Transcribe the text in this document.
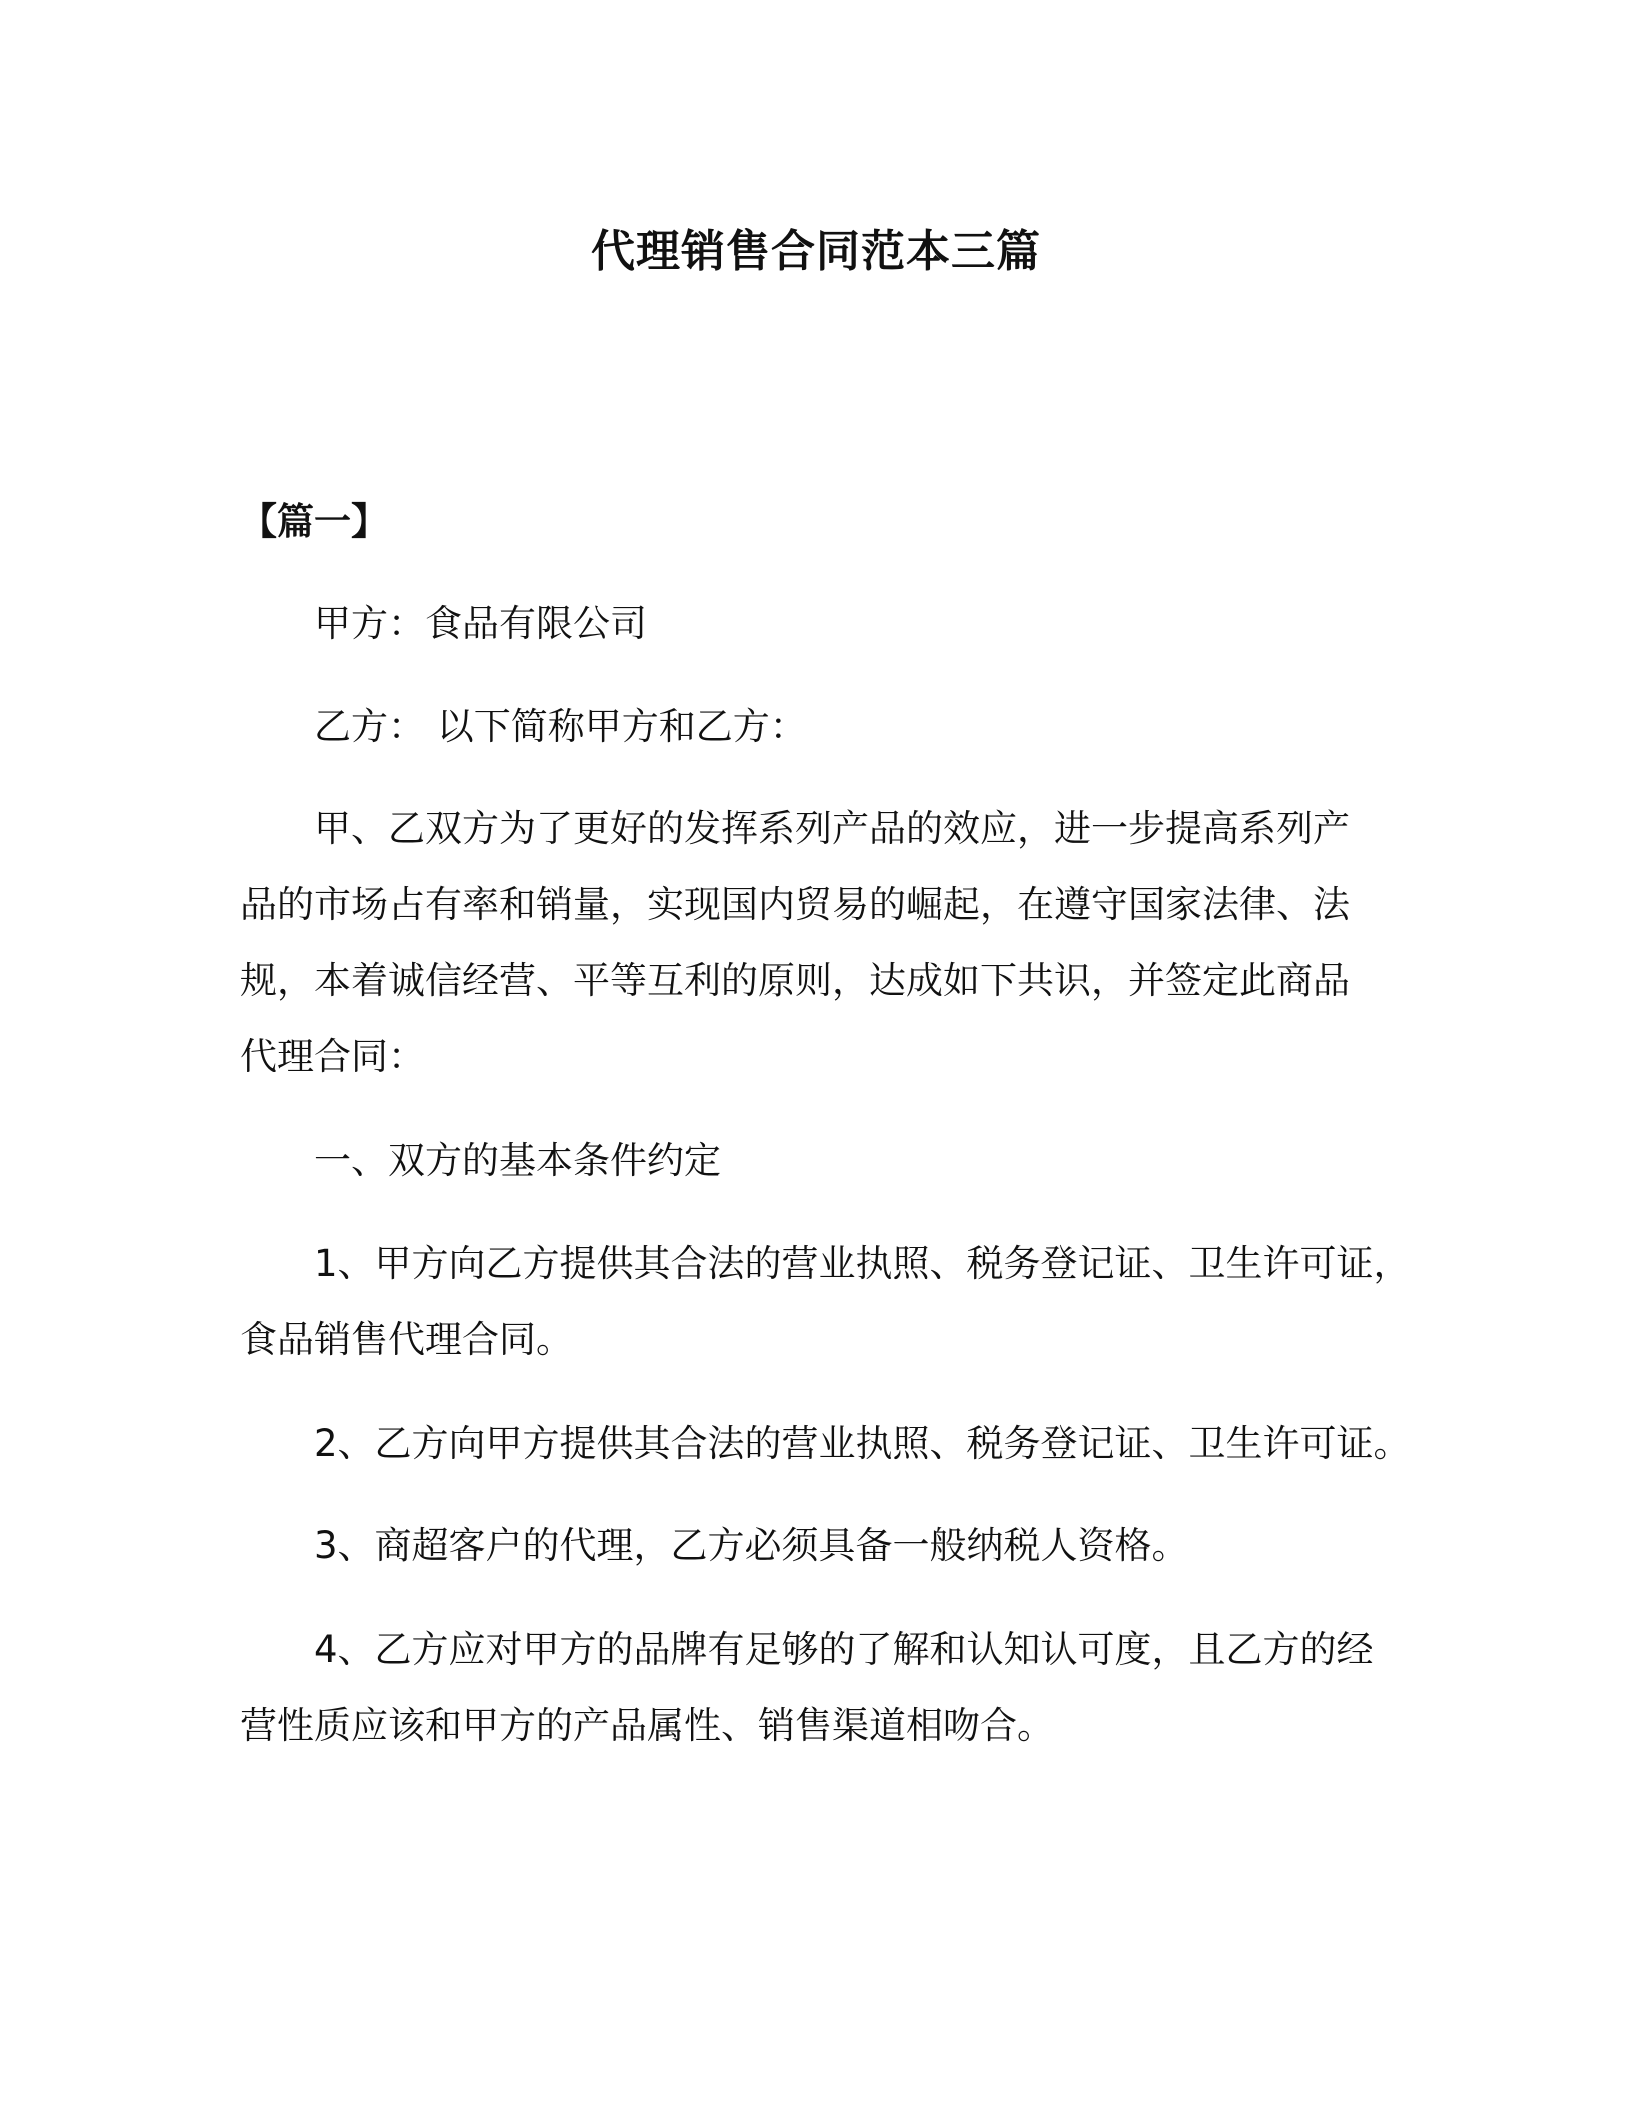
代理销售合同范本三篇
【篇一】
甲方：食品有限公司
乙方： 以下简称甲方和乙方：
甲、乙双方为了更好的发挥系列产品的效应，进一步提高系列产
品的市场占有率和销量，实现国内贸易的崛起，在遵守国家法律、法
规，本着诚信经营、平等互利的原则，达成如下共识，并签定此商品
代理合同：
一、双方的基本条件约定
1、甲方向乙方提供其合法的营业执照、税务登记证、卫生许可证，
食品销售代理合同。
2、乙方向甲方提供其合法的营业执照、税务登记证、卫生许可证。
3、商超客户的代理，乙方必须具备一般纳税人资格。
4、乙方应对甲方的品牌有足够的了解和认知认可度，且乙方的经
营性质应该和甲方的产品属性、销售渠道相吻合。
